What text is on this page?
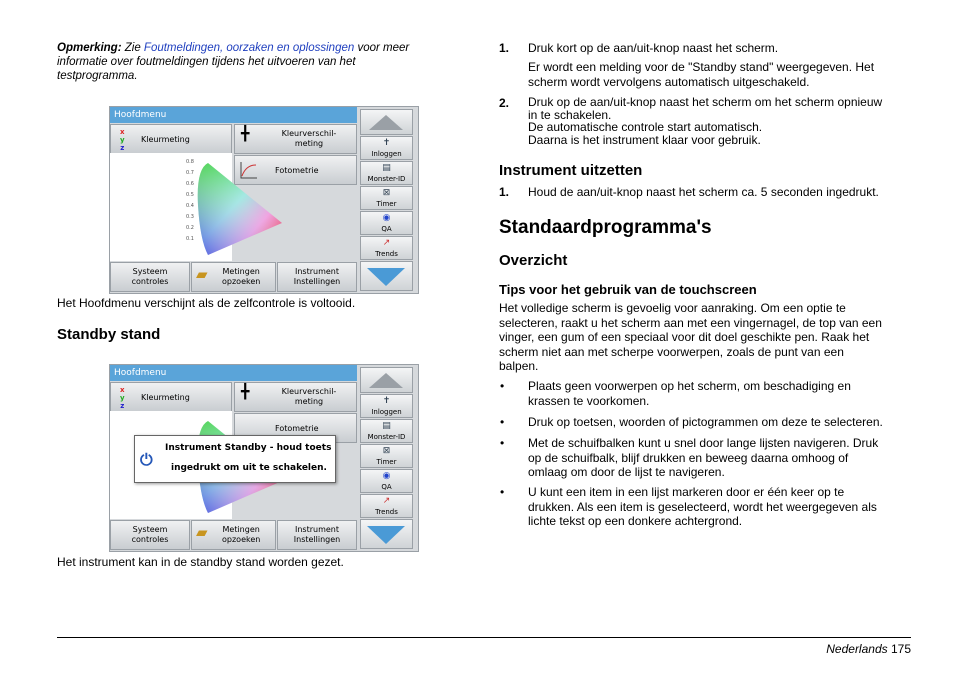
Opmerking: Zie Foutmeldingen, oorzaken en oplossingen voor meer
informatie over foutmeldingen tijdens het uitvoeren van het
testprogramma.
Hoofdmenu
x
y
z
Kleurmeting	╋	Kleurverschil-
meting
Fotometrie
0.8
0.7
0.6
0.5
0.4
0.3
0.2
0.1
Systeem
controles	▰ Metingen
opzoeken
Instrument
Instellingen
✝
Inloggen
▤
Monster-ID
⊠
Timer
◉
QA
↗
Trends
Het Hoofdmenu verschijnt als de zelfcontrole is voltooid.
Standby stand
Hoofdmenu
x
y
z
Kleurmeting	╋	Kleurverschil-
meting
Fotometrie
Systeem
controles	▰ Metingen
opzoeken
Instrument
Instellingen
✝
Inloggen
▤
Monster-ID
⊠
Timer
◉
QA
↗
Trends
⏻
Instrument Standby - houd toets
ingedrukt om uit te schakelen.
Het instrument kan in de standby stand worden gezet.
1. Druk kort op de aan/uit-knop naast het scherm.
Er wordt een melding voor de "Standby stand" weergegeven. Het
scherm wordt vervolgens automatisch uitgeschakeld.
2. Druk op de aan/uit-knop naast het scherm om het scherm opnieuw
in te schakelen.
De automatische controle start automatisch.
Daarna is het instrument klaar voor gebruik.
Instrument uitzetten
1. Houd de aan/uit-knop naast het scherm ca. 5 seconden ingedrukt.
Standaardprogramma's
Overzicht
Tips voor het gebruik van de touchscreen
Het volledige scherm is gevoelig voor aanraking. Om een optie te
selecteren, raakt u het scherm aan met een vingernagel, de top van een
vinger, een gum of een speciaal voor dit doel geschikte pen. Raak het
scherm niet aan met scherpe voorwerpen, zoals de punt van een
balpen.
• Plaats geen voorwerpen op het scherm, om beschadiging en
krassen te voorkomen.
• Druk op toetsen, woorden of pictogrammen om deze te selecteren.
• Met de schuifbalken kunt u snel door lange lijsten navigeren. Druk
op de schuifbalk, blijf drukken en beweeg daarna omhoog of
omlaag om door de lijst te navigeren.
• U kunt een item in een lijst markeren door er één keer op te
drukken. Als een item is geselecteerd, wordt het weergegeven als
lichte tekst op een donkere achtergrond.
Nederlands 175
